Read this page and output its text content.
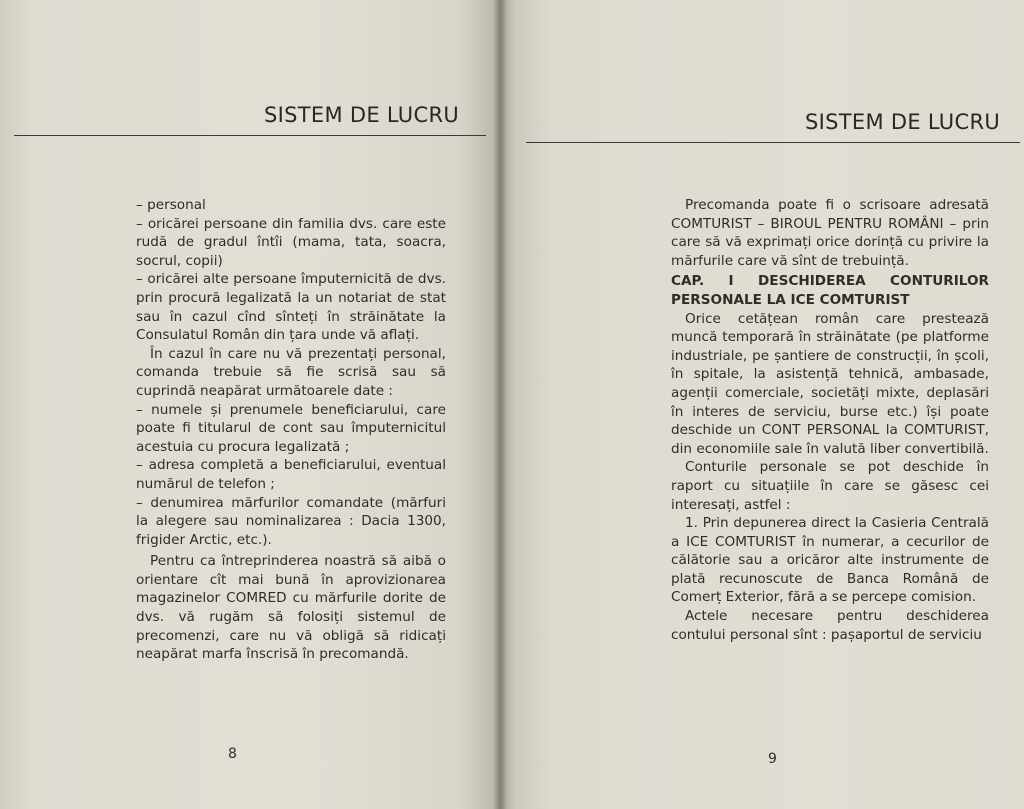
SISTEM DE LUCRU

– personal

– oricărei persoane din familia dvs. care este rudă de gradul întîi (mama, tata, soacra, socrul, copii)

– oricărei alte persoane împuternicită de dvs. prin procură legalizată la un notariat de stat sau în cazul cînd sînteți în străinătate la Consulatul Român din țara unde vă aflați.

În cazul în care nu vă prezentați personal, comanda trebuie să fie scrisă sau să cuprindă neapărat următoarele date :

– numele și prenumele beneficiarului, care poate fi titularul de cont sau împuternicitul acestuia cu procura legalizată ;

– adresa completă a beneficiarului, eventual numărul de telefon ;

– denumirea mărfurilor comandate (mărfuri la alegere sau nominalizarea : Dacia 1300, frigider Arctic, etc.).

Pentru ca întreprinderea noastră să aibă o orientare cît mai bună în aprovizionarea magazinelor COMRED cu mărfurile dorite de dvs. vă rugăm să folosiți sistemul de precomenzi, care nu vă obligă să ridicați neapărat marfa înscrisă în precomandă.

8
SISTEM DE LUCRU

Precomanda poate fi o scrisoare adresată COMTURIST – BIROUL PENTRU ROMÂNI – prin care să vă exprimați orice dorință cu privire la mărfurile care vă sînt de trebuință.

CAP. I DESCHIDEREA CONTURILOR PERSONALE LA ICE COMTURIST

Orice cetățean român care prestează muncă temporară în străinătate (pe platforme industriale, pe șantiere de construcții, în școli, în spitale, la asistență tehnică, ambasade, agenții comerciale, societăți mixte, deplasări în interes de serviciu, burse etc.) își poate deschide un CONT PERSONAL la COMTURIST, din economiile sale în valută liber convertibilă.

Conturile personale se pot deschide în raport cu situațiile în care se găsesc cei interesați, astfel :

1. Prin depunerea direct la Casieria Centrală a ICE COMTURIST în numerar, a cecurilor de călătorie sau a oricăror alte instrumente de plată recunoscute de Banca Română de Comerț Exterior, fără a se percepe comision.

Actele necesare pentru deschiderea contului personal sînt : pașaportul de serviciu

9
